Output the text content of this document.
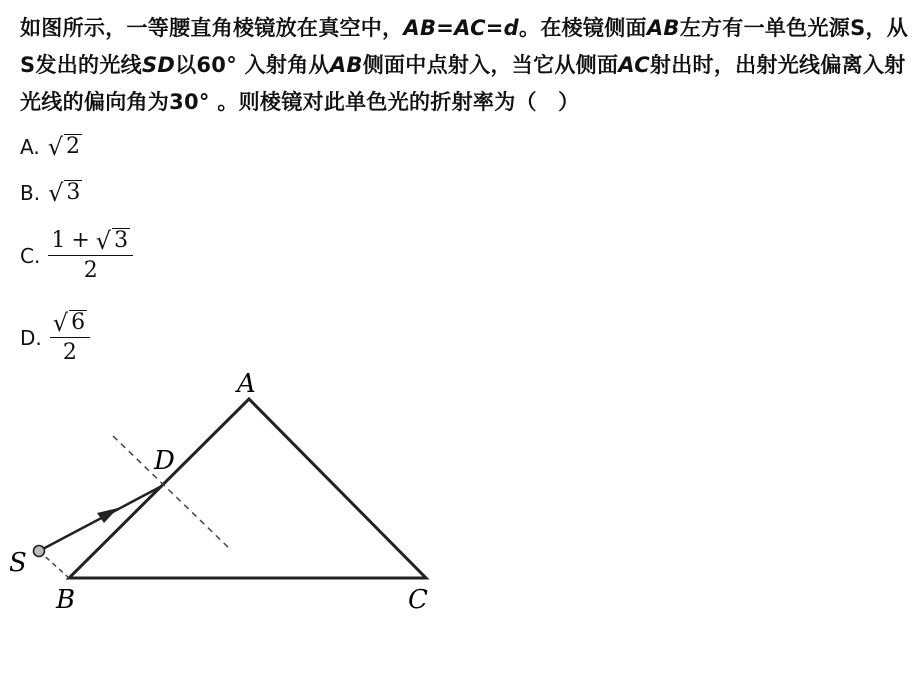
如图所示，一等腰直角棱镜放在真空中，AB=AC=d。在棱镜侧面AB左方有一单色光源S，从S发出的光线SD以60° 入射角从AB侧面中点射入，当它从侧面AC射出时，出射光线偏离入射光线的偏向角为30° 。则棱镜对此单色光的折射率为（　）
A. √ 2
B. √ 3
C. $\frac{1 + √ 3}{2}$
D. $\frac{√ 6}{2}$
A
B	C
D
S
